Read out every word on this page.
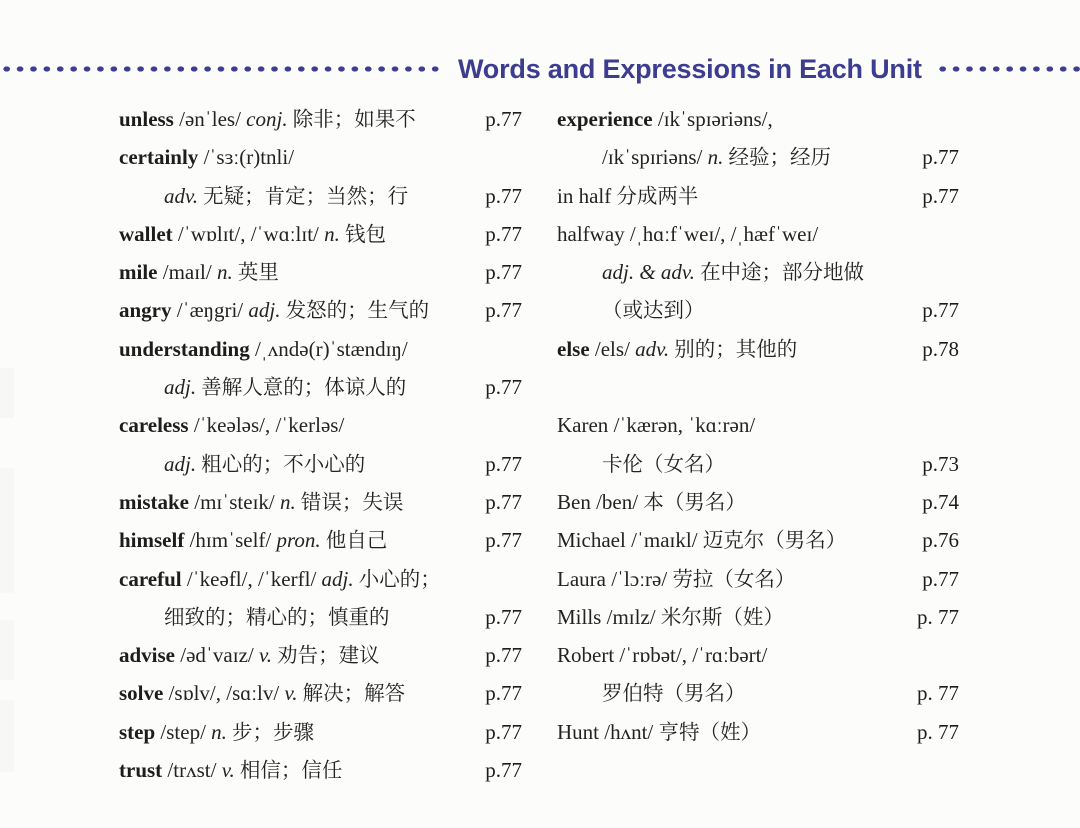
Words and Expressions in Each Unit
unless /ənˈles/ conj. 除非；如果不	p.77
certainly /ˈsɜː(r)tnli/
adv. 无疑；肯定；当然；行	p.77
wallet /ˈwɒlɪt/, /ˈwɑːlɪt/ n. 钱包	p.77
mile /maɪl/ n. 英里	p.77
angry /ˈæŋgri/ adj. 发怒的；生气的	p.77
understanding /ˌʌndə(r)ˈstændɪŋ/
adj. 善解人意的；体谅人的	p.77
careless /ˈkeələs/, /ˈkerləs/
adj. 粗心的；不小心的	p.77
mistake /mɪˈsteɪk/ n. 错误；失误	p.77
himself /hɪmˈself/ pron. 他自己	p.77
careful /ˈkeəfl/, /ˈkerfl/ adj. 小心的；
细致的；精心的；慎重的	p.77
advise /ədˈvaɪz/ v. 劝告；建议	p.77
solve /sɒlv/, /sɑːlv/ v. 解决；解答	p.77
step /step/ n. 步；步骤	p.77
trust /trʌst/ v. 相信；信任	p.77
experience /ɪkˈspɪəriəns/,
/ɪkˈspɪriəns/ n. 经验；经历	p.77
in half 分成两半	p.77
halfway /ˌhɑːfˈweɪ/, /ˌhæfˈweɪ/
adj. & adv. 在中途；部分地做
（或达到）	p.77
else /els/ adv. 别的；其他的	p.78
Karen /ˈkærən, ˈkɑːrən/
卡伦（女名）	p.73
Ben /ben/ 本（男名）	p.74
Michael /ˈmaɪkl/ 迈克尔（男名）	p.76
Laura /ˈlɔːrə/ 劳拉（女名）	p.77
Mills /mɪlz/ 米尔斯（姓）	p. 77
Robert /ˈrɒbət/, /ˈrɑːbərt/
罗伯特（男名）	p. 77
Hunt /hʌnt/ 亨特（姓）	p. 77
